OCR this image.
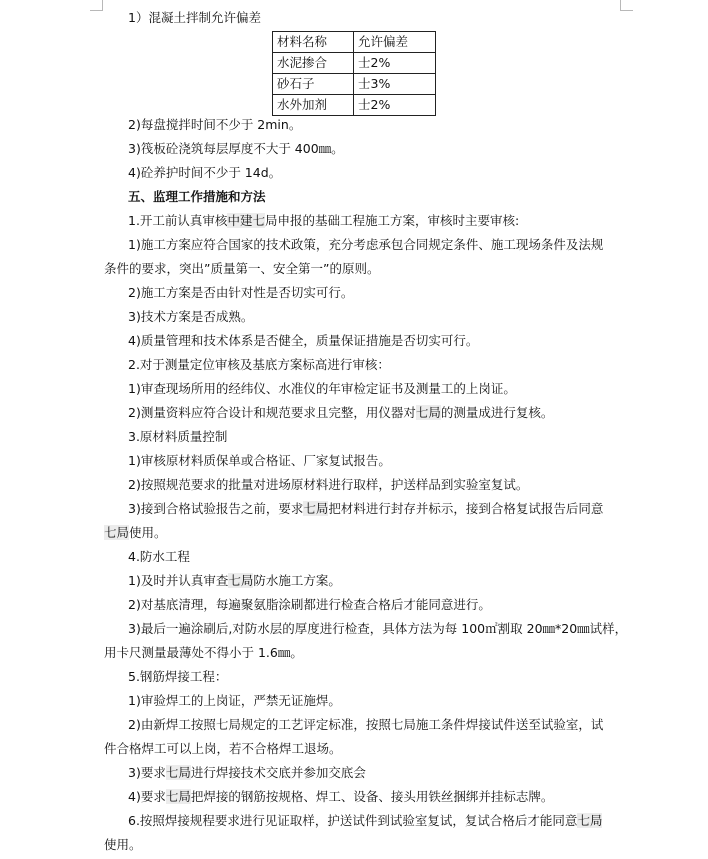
1）混凝土拌制允许偏差
2)每盘搅拌时间不少于 2min。
3)筏板砼浇筑每层厚度不大于 400㎜。
4)砼养护时间不少于 14d。
五、监理工作措施和方法
1.开工前认真审核中建七局申报的基础工程施工方案，审核时主要审核:
1)施工方案应符合国家的技术政策，充分考虑承包合同规定条件、施工现场条件及法规
条件的要求，突出”质量第一、安全第一”的原则。
2)施工方案是否由针对性是否切实可行。
3)技术方案是否成熟。
4)质量管理和技术体系是否健全，质量保证措施是否切实可行。
2.对于测量定位审核及基底方案标高进行审核：
1)审查现场所用的经纬仪、水准仪的年审检定证书及测量工的上岗证。
2)测量资料应符合设计和规范要求且完整，用仪器对七局的测量成进行复核。
3.原材料质量控制
1)审核原材料质保单或合格证、厂家复试报告。
2)按照规范要求的批量对进场原材料进行取样，护送样品到实验室复试。
3)接到合格试验报告之前，要求七局把材料进行封存并标示，接到合格复试报告后同意
七局使用。
4.防水工程
1)及时并认真审查七局防水施工方案。
2)对基底清理，每遍聚氨脂涂刷都进行检查合格后才能同意进行。
3)最后一遍涂刷后,对防水层的厚度进行检查，具体方法为每 100㎡割取 20㎜*20㎜试样，
用卡尺测量最薄处不得小于 1.6㎜。
5.钢筋焊接工程：
1)审验焊工的上岗证，严禁无证施焊。
2)由新焊工按照七局规定的工艺评定标准，按照七局施工条件焊接试件送至试验室，试
件合格焊工可以上岗，若不合格焊工退场。
3)要求七局进行焊接技术交底并参加交底会
4)要求七局把焊接的钢筋按规格、焊工、设备、接头用铁丝捆绑并挂标志牌。
6.按照焊接规程要求进行见证取样，护送试件到试验室复试，复试合格后才能同意七局
使用。
材料名称	允许偏差
水泥掺合	士2%
砂石子	士3%
水外加剂	士2%
